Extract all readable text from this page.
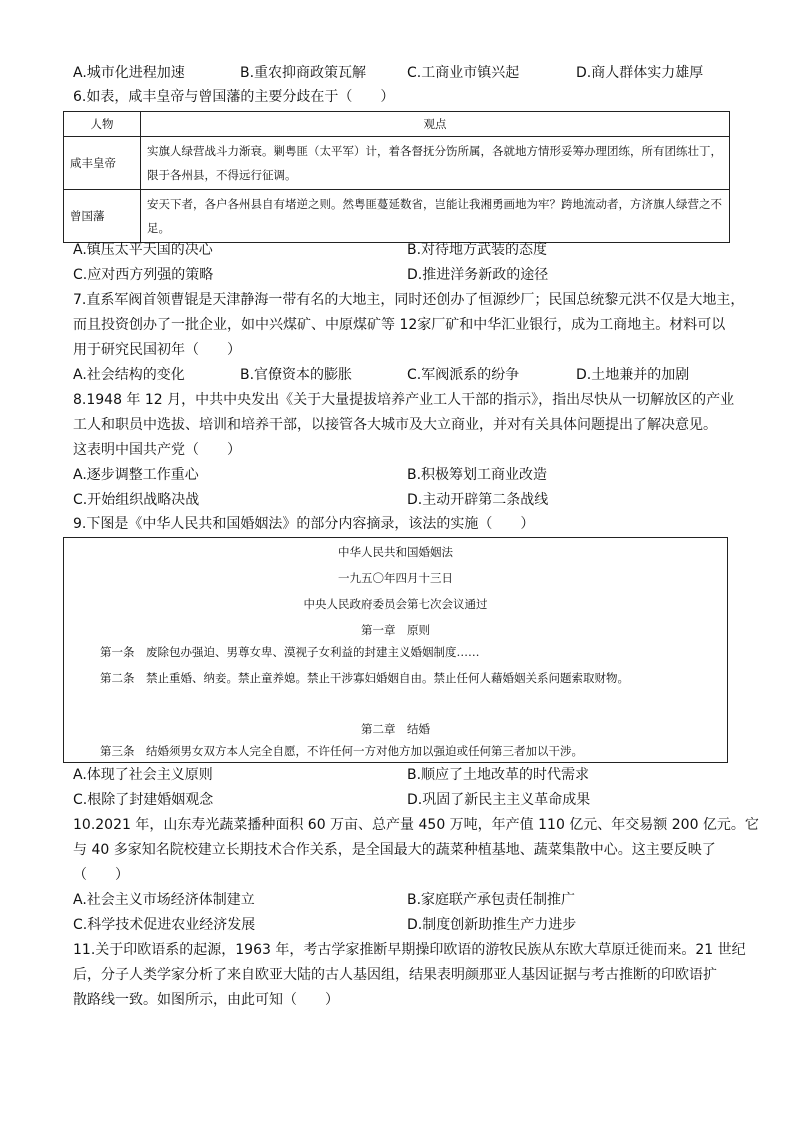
A.城市化进程加速	B.重农抑商政策瓦解	C.工商业市镇兴起	D.商人群体实力雄厚
6.如表，咸丰皇帝与曾国藩的主要分歧在于（　　）
人物	观点
咸丰皇帝	实旗人绿营战斗力渐衰。剿粤匪（太平军）计，着各督抚分饬所属，各就地方情形妥筹办理团练，所有团练壮丁，限于各州县，不得远行征调。
曾国藩	安天下者，各户各州县自有堵逆之则。然粤匪蔓延数省，岂能让我湘勇画地为牢？跨地流动者，方济旗人绿营之不足。
A.镇压太平天国的决心	B.对待地方武装的态度
C.应对西方列强的策略	D.推进洋务新政的途径
7.直系军阀首领曹锟是天津静海一带有名的大地主，同时还创办了恒源纱厂；民国总统黎元洪不仅是大地主，
而且投资创办了一批企业，如中兴煤矿、中原煤矿等 12家厂矿和中华汇业银行，成为工商地主。材料可以
用于研究民国初年（　　）
A.社会结构的变化	B.官僚资本的膨胀	C.军阀派系的纷争	D.土地兼并的加剧
8.1948 年 12 月，中共中央发出《关于大量提拔培养产业工人干部的指示》，指出尽快从一切解放区的产业
工人和职员中选拔、培训和培养干部，以接管各大城市及大立商业，并对有关具体问题提出了解决意见。
这表明中国共产党（　　）
A.逐步调整工作重心	B.积极筹划工商业改造
C.开始组织战略决战	D.主动开辟第二条战线
9.下图是《中华人民共和国婚姻法》的部分内容摘录，该法的实施（　　）
中华人民共和国婚姻法
一九五〇年四月十三日
中央人民政府委员会第七次会议通过
第一章　原则
第一条　废除包办强迫、男尊女卑、漠视子女利益的封建主义婚姻制度……
第二条　禁止重婚、纳妾。禁止童养媳。禁止干涉寡妇婚姻自由。禁止任何人藉婚姻关系问题索取财物。
第二章　结婚
第三条　结婚须男女双方本人完全自愿，不许任何一方对他方加以强迫或任何第三者加以干涉。
A.体现了社会主义原则	B.顺应了土地改革的时代需求
C.根除了封建婚姻观念	D.巩固了新民主主义革命成果
10.2021 年，山东寿光蔬菜播种面积 60 万亩、总产量 450 万吨，年产值 110 亿元、年交易额 200 亿元。它
与 40 多家知名院校建立长期技术合作关系，是全国最大的蔬菜种植基地、蔬菜集散中心。这主要反映了
（　　）
A.社会主义市场经济体制建立	B.家庭联产承包责任制推广
C.科学技术促进农业经济发展	D.制度创新助推生产力进步
11.关于印欧语系的起源，1963 年，考古学家推断早期操印欧语的游牧民族从东欧大草原迁徙而来。21 世纪
后，分子人类学家分析了来自欧亚大陆的古人基因组，结果表明颜那亚人基因证据与考古推断的印欧语扩
散路线一致。如图所示，由此可知（　　）
